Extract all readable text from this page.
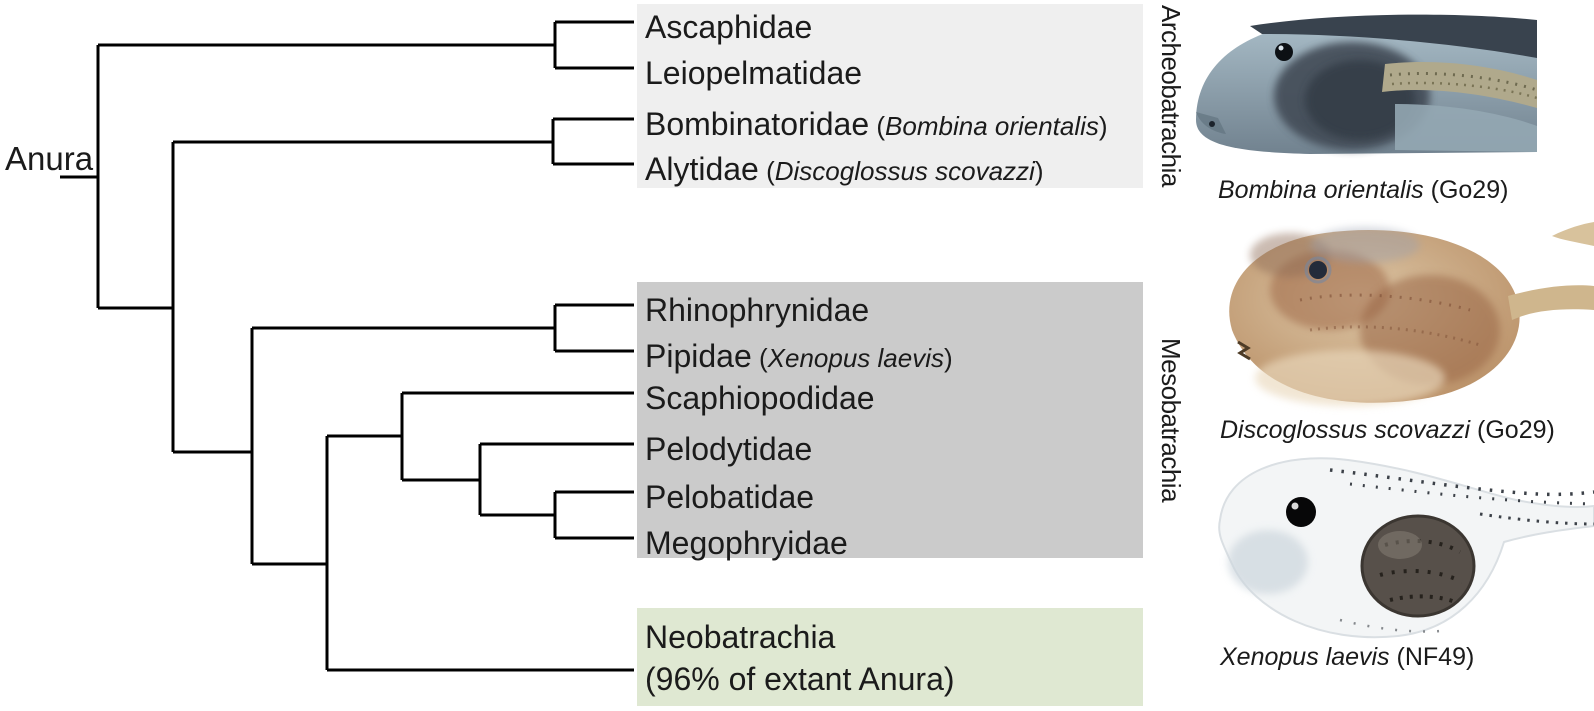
Anura
Ascaphidae
Leiopelmatidae
Bombinatoridae (Bombina orientalis)
Alytidae (Discoglossus scovazzi)
Rhinophrynidae
Pipidae (Xenopus laevis)
Scaphiopodidae
Pelodytidae
Pelobatidae
Megophryidae
Neobatrachia
(96% of extant Anura)
Archeobatrachia
Mesobatrachia
Bombina orientalis (Go29)
Discoglossus scovazzi (Go29)
Xenopus laevis (NF49)
